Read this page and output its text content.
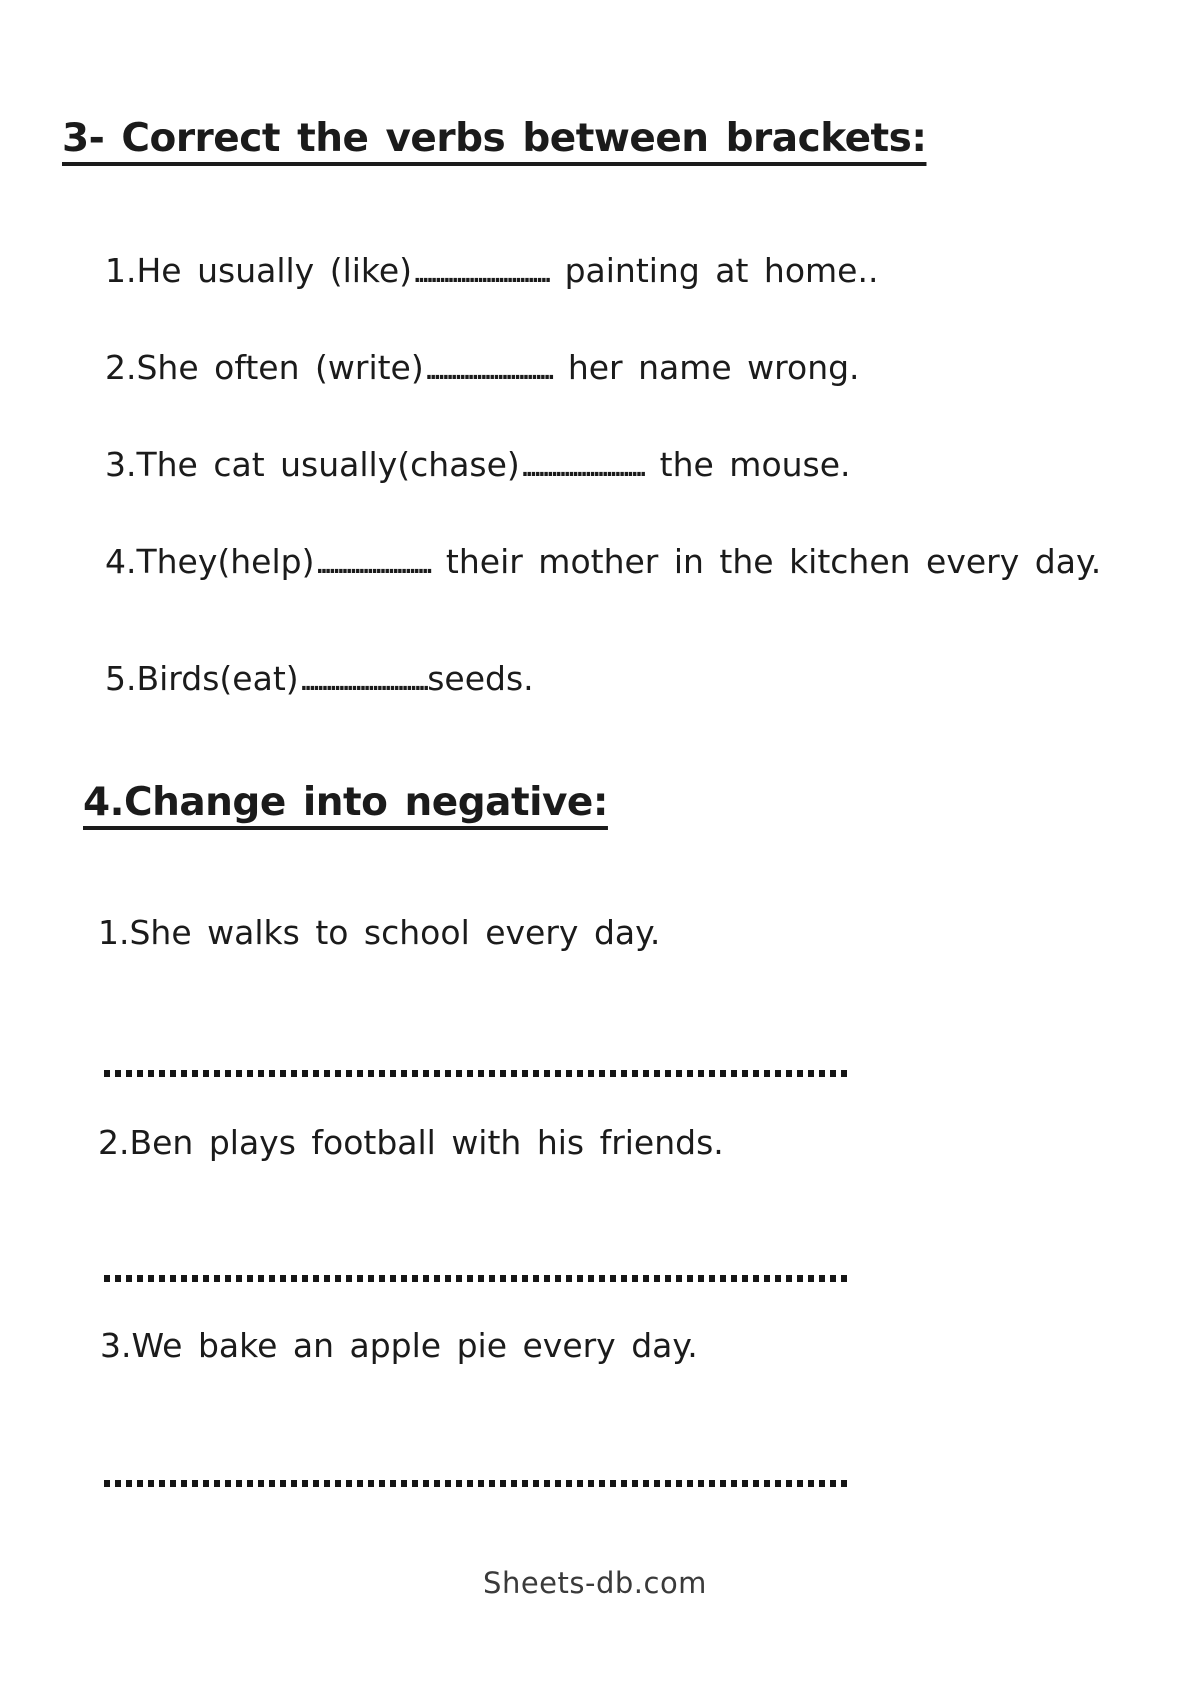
3- Correct the verbs between brackets:
1.He usually (like)................................ painting at home..
2.She often (write).............................. her name wrong.
3.The cat usually(chase)............................. the mouse.
4.They(help)........................... their mother in the kitchen every day.
5.Birds(eat)..............................seeds.
4.Change into negative:
1.She walks to school every day.
2.Ben plays football with his friends.
3.We bake an apple pie every day.
Sheets-db.com
